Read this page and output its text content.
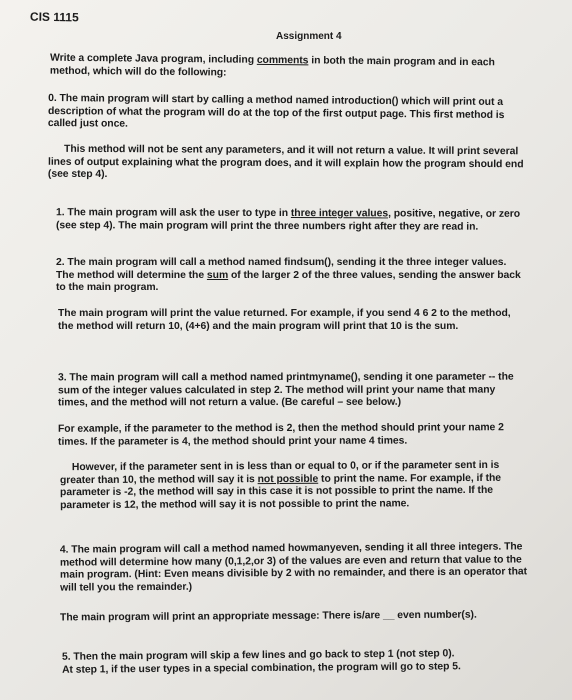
CIS 1115
Assignment 4

Write a complete Java program, including comments in both the main program and in each

method, which will do the following:

0. The main program will start by calling a method named introduction() which will print out a

description of what the program will do at the top of the first output page. This first method is

called just once.

This method will not be sent any parameters, and it will not return a value. It will print several

lines of output explaining what the program does, and it will explain how the program should end

(see step 4).

1. The main program will ask the user to type in three integer values, positive, negative, or zero

(see step 4). The main program will print the three numbers right after they are read in.

2. The main program will call a method named findsum(), sending it the three integer values.

The method will determine the sum of the larger 2 of the three values, sending the answer back

to the main program.

The main program will print the value returned. For example, if you send 4 6 2 to the method,

the method will return 10, (4+6) and the main program will print that 10 is the sum.

3. The main program will call a method named printmyname(), sending it one parameter -- the

sum of the integer values calculated in step 2. The method will print your name that many

times, and the method will not return a value. (Be careful – see below.)

For example, if the parameter to the method is 2, then the method should print your name 2

times. If the parameter is 4, the method should print your name 4 times.

However, if the parameter sent in is less than or equal to 0, or if the parameter sent in is

greater than 10, the method will say it is not possible to print the name. For example, if the

parameter is -2, the method will say in this case it is not possible to print the name. If the

parameter is 12, the method will say it is not possible to print the name.

4. The main program will call a method named howmanyeven, sending it all three integers. The

method will determine how many (0,1,2,or 3) of the values are even and return that value to the

main program. (Hint: Even means divisible by 2 with no remainder, and there is an operator that

will tell you the remainder.)

The main program will print an appropriate message: There is/are __ even number(s).

5. Then the main program will skip a few lines and go back to step 1 (not step 0).

At step 1, if the user types in a special combination, the program will go to step 5.
